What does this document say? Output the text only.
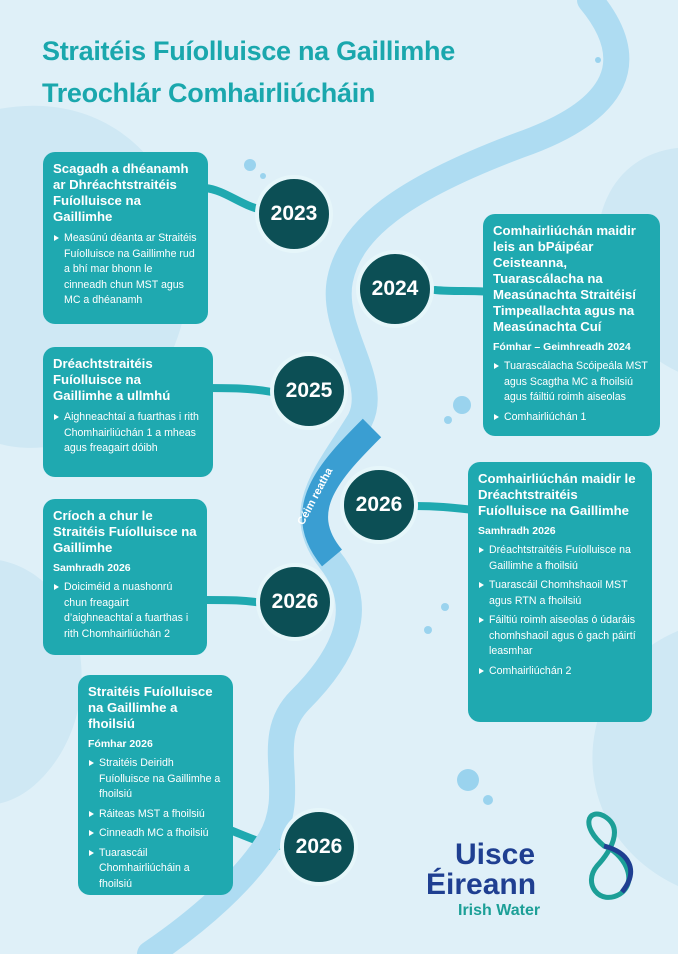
Céim reatha
Straitéis Fuíolluisce na Gaillimhe
Treochlár Comhairliúcháin
Scagadh a dhéanamh ar Dhréachtstraitéis Fuíolluisce na Gaillimhe
Measúnú déanta ar Straitéis Fuíolluisce na Gaillimhe rud a bhí mar bhonn le cinneadh chun MST agus MC a dhéanamh
2023
Comhairliúchán maidir leis an bPáipéar Ceisteanna, Tuarascálacha na Measúnachta Straitéisí Timpeallachta agus na Measúnachta Cuí
Fómhar – Geimhreadh 2024
Tuarascálacha Scóipeála MST agus Scagtha MC a fhoilsiú agus fáiltiú roimh aiseolas
Comhairliúchán 1
2024
Dréachtstraitéis Fuíolluisce na Gaillimhe a ullmhú
Aighneachtaí a fuarthas i rith Chomhairliúchán 1 a mheas agus freagairt dóibh
2025
Comhairliúchán maidir le Dréachtstraitéis Fuíolluisce na Gaillimhe
Samhradh 2026
Dréachtstraitéis Fuíolluisce na Gaillimhe a fhoilsiú
Tuarascáil Chomhshaoil MST agus RTN a fhoilsiú
Fáiltiú roimh aiseolas ó údaráis chomhshaoil agus ó gach páirtí leasmhar
Comhairliúchán 2
2026
Críoch a chur le Straitéis Fuíolluisce na Gaillimhe
Samhradh 2026
Doiciméid a nuashonrú chun freagairt d’aighneachtaí a fuarthas i rith Chomhairliúchán 2
2026
Straitéis Fuíolluisce na Gaillimhe a fhoilsiú
Fómhar 2026
Straitéis Deiridh Fuíolluisce na Gaillimhe a fhoilsiú
Ráiteas MST a fhoilsiú
Cinneadh MC a fhoilsiú
Tuarascáil Chomhairliúcháin a fhoilsiú
2026	Uisce
Éireann
Irish Water
